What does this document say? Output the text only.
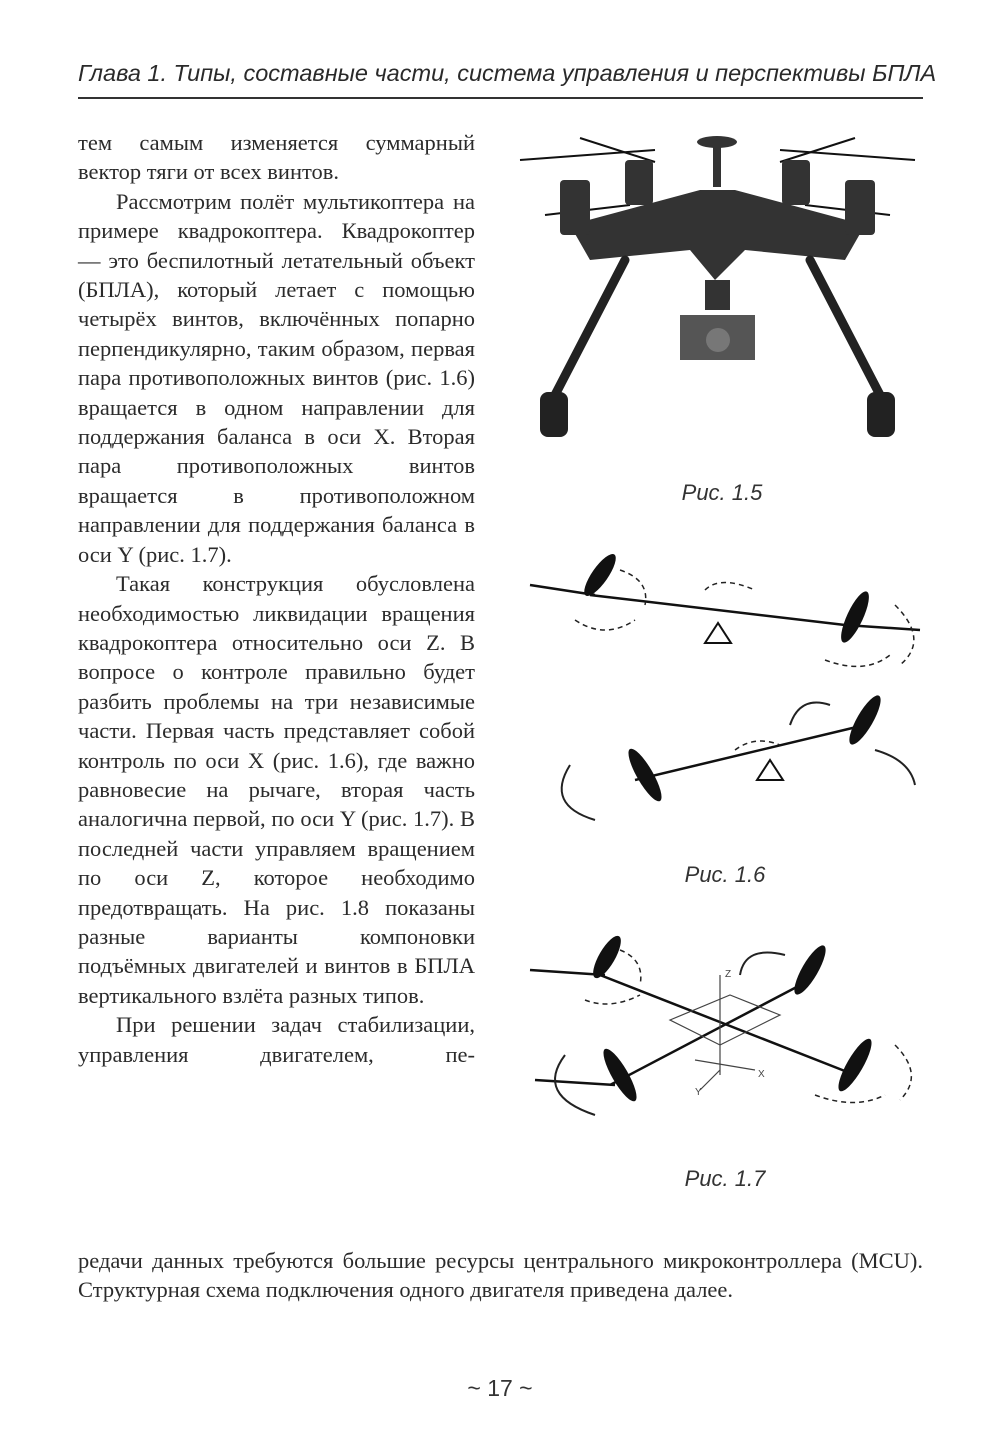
Глава 1. Типы, составные части, система управления и перспективы БПЛА

тем самым изменяется суммарный вектор тяги от всех винтов.

Рассмотрим полёт мультикоптера на примере квадрокоптера. Квадрокоптер — это беспилотный летательный объект (БПЛА), который летает с помощью четырёх винтов, включённых попарно перпендикулярно, таким образом, первая пара противоположных винтов (рис. 1.6) вращается в одном направлении для поддержания баланса в оси X. Вторая пара противоположных винтов вращается в противоположном направлении для поддержания баланса в оси Y (рис. 1.7).

Такая конструкция обусловлена необходимостью ликвидации вращения квадрокоптера относительно оси Z. В вопросе о контроле правильно будет разбить проблемы на три независимые части. Первая часть представляет собой контроль по оси X (рис. 1.6), где важно равновесие на рычаге, вторая часть аналогична первой, по оси Y (рис. 1.7). В последней части управляем вращением по оси Z, которое необходимо предотвращать. На рис. 1.8 показаны разные варианты компоновки подъёмных двигателей и винтов в БПЛА вертикального взлёта разных типов.

При решении задач стабилизации, управления двигателем, пе-

редачи данных требуются большие ресурсы центрального микроконтроллера (MCU). Структурная схема подключения одного двигателя приведена далее.
Рис. 1.5
Рис. 1.6
Z
X
Y
Рис. 1.7
~ 17 ~
